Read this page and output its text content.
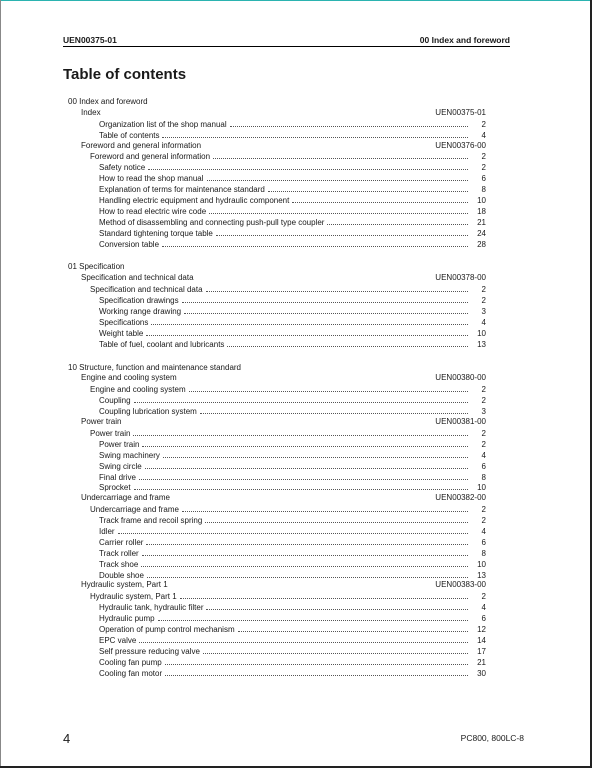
UEN00375-01	00 Index and foreword
Table of contents
00 Index and foreword
Index	UEN00375-01
Organization list of the shop manual	2
Table of contents	4
Foreword and general information	UEN00376-00
Foreword and general information	2
Safety notice	2
How to read the shop manual	6
Explanation of terms for maintenance standard	8
Handling electric equipment and hydraulic component	10
How to read electric wire code	18
Method of disassembling and connecting push-pull type coupler	21
Standard tightening torque table	24
Conversion table	28
01 Specification
Specification and technical data	UEN00378-00
Specification and technical data	2
Specification drawings	2
Working range drawing	3
Specifications	4
Weight table	10
Table of fuel, coolant and lubricants	13
10 Structure, function and maintenance standard
Engine and cooling system	UEN00380-00
Engine and cooling system	2
Coupling	2
Coupling lubrication system	3
Power train	UEN00381-00
Power train	2
Power train	2
Swing machinery	4
Swing circle	6
Final drive	8
Sprocket	10
Undercarriage and frame	UEN00382-00
Undercarriage and frame	2
Track frame and recoil spring	2
Idler	4
Carrier roller	6
Track roller	8
Track shoe	10
Double shoe	13
Hydraulic system, Part 1	UEN00383-00
Hydraulic system, Part 1	2
Hydraulic tank, hydraulic filter	4
Hydraulic pump	6
Operation of pump control mechanism	12
EPC valve	14
Self pressure reducing valve	17
Cooling fan pump	21
Cooling fan motor	30
4	PC800, 800LC-8
